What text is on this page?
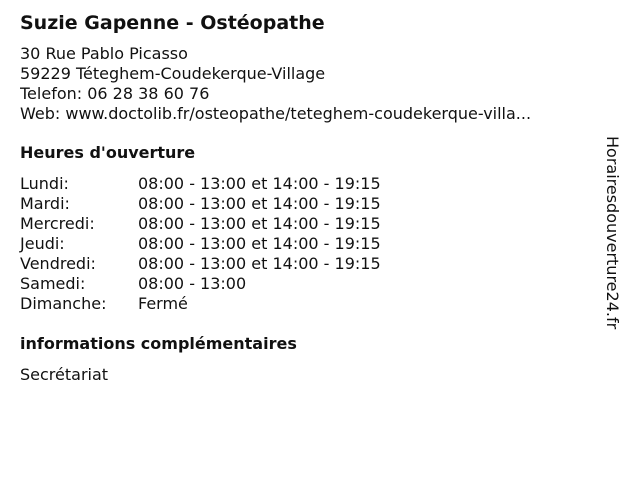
Suzie Gapenne - Ostéopathe
30 Rue Pablo Picasso
59229 Téteghem-Coudekerque-Village
Telefon: 06 28 38 60 76
Web: www.doctolib.fr/osteopathe/teteghem-coudekerque-villa...
Heures d'ouverture
Lundi:	08:00 - 13:00 et 14:00 - 19:15
Mardi:	08:00 - 13:00 et 14:00 - 19:15
Mercredi:	08:00 - 13:00 et 14:00 - 19:15
Jeudi:	08:00 - 13:00 et 14:00 - 19:15
Vendredi:	08:00 - 13:00 et 14:00 - 19:15
Samedi:	08:00 - 13:00
Dimanche:	Fermé
informations complémentaires
Secrétariat
Horairesdouverture24.fr
